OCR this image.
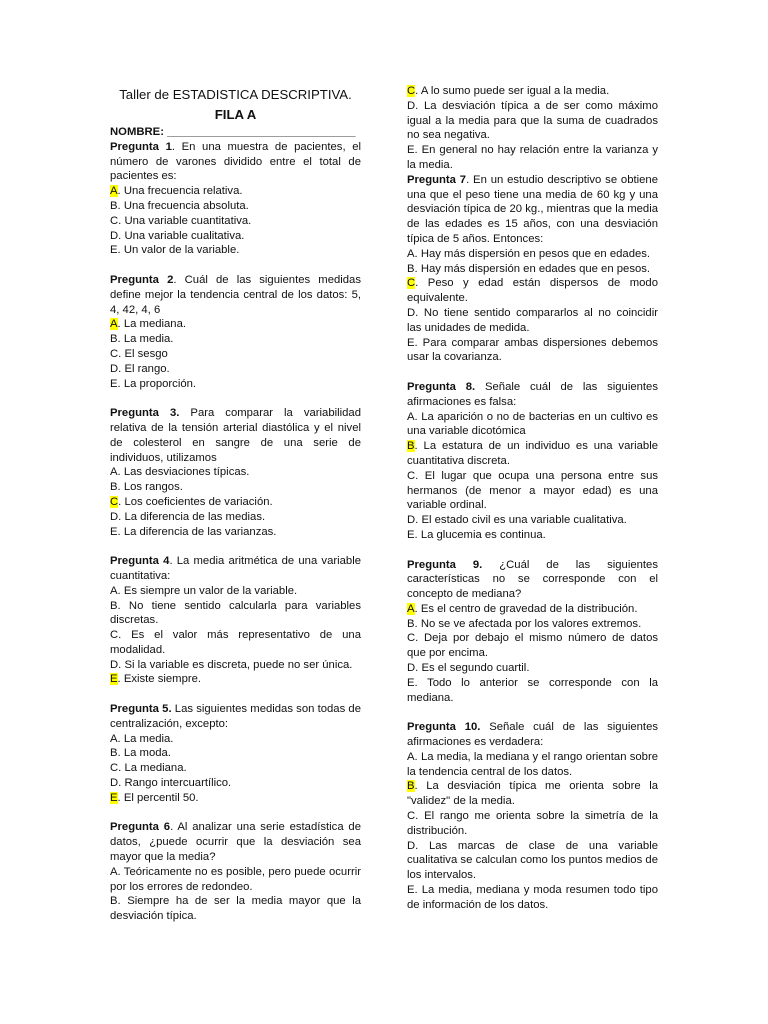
Taller de ESTADISTICA DESCRIPTIVA.
FILA A
NOMBRE: ______________________________
Pregunta 1. En una muestra de pacientes, el número de varones dividido entre el total de pacientes es:
A. Una frecuencia relativa.
B. Una frecuencia absoluta.
C. Una variable cuantitativa.
D. Una variable cualitativa.
E. Un valor de la variable.
Pregunta 2. Cuál de las siguientes medidas define mejor la tendencia central de los datos: 5, 4, 42, 4, 6
A. La mediana.
B. La media.
C. El sesgo
D. El rango.
E. La proporción.
Pregunta 3. Para comparar la variabilidad relativa de la tensión arterial diastólica y el nivel de colesterol en sangre de una serie de individuos, utilizamos
A. Las desviaciones típicas.
B. Los rangos.
C. Los coeficientes de variación.
D. La diferencia de las medias.
E. La diferencia de las varianzas.
Pregunta 4. La media aritmética de una variable cuantitativa:
A. Es siempre un valor de la variable.
B. No tiene sentido calcularla para variables discretas.
C. Es el valor más representativo de una modalidad.
D. Si la variable es discreta, puede no ser única.
E. Existe siempre.
Pregunta 5. Las siguientes medidas son todas de centralización, excepto:
A. La media.
B. La moda.
C. La mediana.
D. Rango intercuartílico.
E. El percentil 50.
Pregunta 6. Al analizar una serie estadística de datos, ¿puede ocurrir que la desviación sea mayor que la media?
A. Teóricamente no es posible, pero puede ocurrir por los errores de redondeo.
B. Siempre ha de ser la media mayor que la desviación típica.
C. A lo sumo puede ser igual a la media.
D. La desviación típica a de ser como máximo igual a la media para que la suma de cuadrados no sea negativa.
E. En general no hay relación entre la varianza y la media.
Pregunta 7. En un estudio descriptivo se obtiene una que el peso tiene una media de 60 kg y una desviación típica de 20 kg., mientras que la media de las edades es 15 años, con una desviación típica de 5 años. Entonces:
A. Hay más dispersión en pesos que en edades.
B. Hay más dispersión en edades que en pesos.
C. Peso y edad están dispersos de modo equivalente.
D. No tiene sentido compararlos al no coincidir las unidades de medida.
E. Para comparar ambas dispersiones debemos usar la covarianza.
Pregunta 8. Señale cuál de las siguientes afirmaciones es falsa:
A. La aparición o no de bacterias en un cultivo es una variable dicotómica
B. La estatura de un individuo es una variable cuantitativa discreta.
C. El lugar que ocupa una persona entre sus hermanos (de menor a mayor edad) es una variable ordinal.
D. El estado civil es una variable cualitativa.
E. La glucemia es continua.
Pregunta 9. ¿Cuál de las siguientes características no se corresponde con el concepto de mediana?
A. Es el centro de gravedad de la distribución.
B. No se ve afectada por los valores extremos.
C. Deja por debajo el mismo número de datos que por encima.
D. Es el segundo cuartil.
E. Todo lo anterior se corresponde con la mediana.
Pregunta 10. Señale cuál de las siguientes afirmaciones es verdadera:
A. La media, la mediana y el rango orientan sobre la tendencia central de los datos.
B. La desviación típica me orienta sobre la "validez" de la media.
C. El rango me orienta sobre la simetría de la distribución.
D. Las marcas de clase de una variable cualitativa se calculan como los puntos medios de los intervalos.
E. La media, mediana y moda resumen todo tipo de información de los datos.
